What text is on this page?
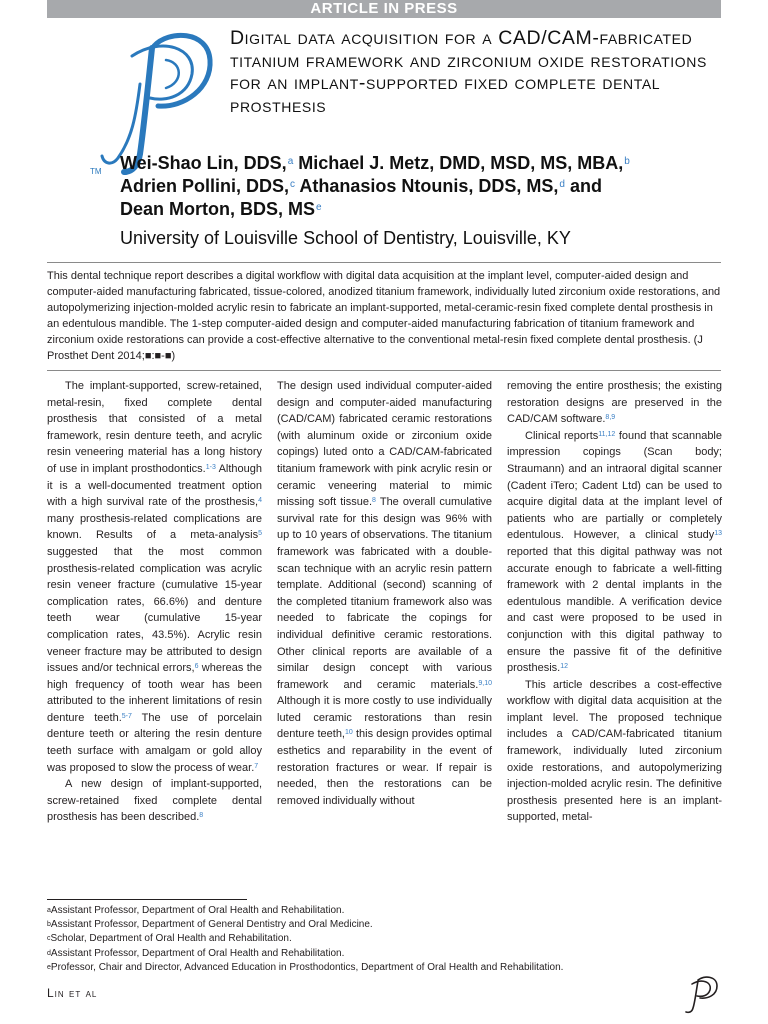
ARTICLE IN PRESS
TM
Digital data acquisition for a CAD/CAM-fabricated titanium framework and zirconium oxide restorations for an implant-supported fixed complete dental prosthesis
Wei-Shao Lin, DDS,$^a$ Michael J. Metz, DMD, MSD, MS, MBA,$^b$
Adrien Pollini, DDS,$^c$ Athanasios Ntounis, DDS, MS,$^d$ and
Dean Morton, BDS, $MS^e$
University of Louisville School of Dentistry, Louisville, KY
This dental technique report describes a digital workflow with digital data acquisition at the implant level, computer-aided design and computer-aided manufacturing fabricated, tissue-colored, anodized titanium framework, individually luted zirconium oxide restorations, and autopolymerizing injection-molded acrylic resin to fabricate an implant-supported, metal-ceramic-resin fixed complete dental prosthesis in an edentulous mandible. The 1-step computer-aided design and computer-aided manufacturing fabrication of titanium framework and zirconium oxide restorations can provide a cost-effective alternative to the conventional metal-resin fixed complete dental prosthesis. (J Prosthet Dent 2014;■:■-■)

The implant-supported, screw-retained, metal-resin, fixed complete dental prosthesis that consisted of a metal framework, resin denture teeth, and acrylic resin veneering material has a long history of use in implant prosthodontics.$^{1-3}$ Although it is a well-documented treatment option with a high survival rate of the prosthesis,$^4$ many prosthesis-related complications are known. Results of a meta-analysis$^5$ suggested that the most common prosthesis-related complication was acrylic resin veneer fracture (cumulative 15-year complication rates, 66.6%) and denture teeth wear (cumulative 15-year complication rates, 43.5%). Acrylic resin veneer fracture may be attributed to design issues and/or technical errors,$^6$ whereas the high frequency of tooth wear has been attributed to the inherent limitations of resin denture teeth.$^{5-7}$ The use of porcelain denture teeth or altering the resin denture teeth surface with amalgam or gold alloy was proposed to slow the process of wear.$^7$

A new design of implant-supported, screw-retained fixed complete dental prosthesis has been described.$^8$

The design used individual computer-aided design and computer-aided manufacturing (CAD/CAM) fabricated ceramic restorations (with aluminum oxide or zirconium oxide copings) luted onto a CAD/CAM-fabricated titanium framework with pink acrylic resin or ceramic veneering material to mimic missing soft tissue.$^8$ The overall cumulative survival rate for this design was 96% with up to 10 years of observations. The titanium framework was fabricated with a double-scan technique with an acrylic resin pattern template. Additional (second) scanning of the completed titanium framework also was needed to fabricate the copings for individual definitive ceramic restorations. Other clinical reports are available of a similar design concept with various framework and ceramic materials.$^{9,10}$ Although it is more costly to use individually luted ceramic restorations than resin denture teeth,$^{10}$ this design provides optimal esthetics and reparability in the event of restoration fractures or wear. If repair is needed, then the restorations can be removed individually without

removing the entire prosthesis; the existing restoration designs are preserved in the CAD/CAM software.$^{8,9}$

Clinical reports$^{11,12}$ found that scannable impression copings (Scan body; Straumann) and an intraoral digital scanner (Cadent iTero; Cadent Ltd) can be used to acquire digital data at the implant level of patients who are partially or completely edentulous. However, a clinical study$^{13}$ reported that this digital pathway was not accurate enough to fabricate a well-fitting framework with 2 dental implants in the edentulous mandible. A verification device and cast were proposed to be used in conjunction with this digital pathway to ensure the passive fit of the definitive prosthesis.$^{12}$

This article describes a cost-effective workflow with digital data acquisition at the implant level. The proposed technique includes a CAD/CAM-fabricated titanium framework, individually luted zirconium oxide restorations, and autopolymerizing injection-molded acrylic resin. The definitive prosthesis presented here is an implant-supported, metal-

$^a$Assistant Professor, Department of Oral Health and Rehabilitation.
$^b$Assistant Professor, Department of General Dentistry and Oral Medicine.
$^c$Scholar, Department of Oral Health and Rehabilitation.
$^d$Assistant Professor, Department of Oral Health and Rehabilitation.
$^e$Professor, Chair and Director, Advanced Education in Prosthodontics, Department of Oral Health and Rehabilitation.
Lin et al
